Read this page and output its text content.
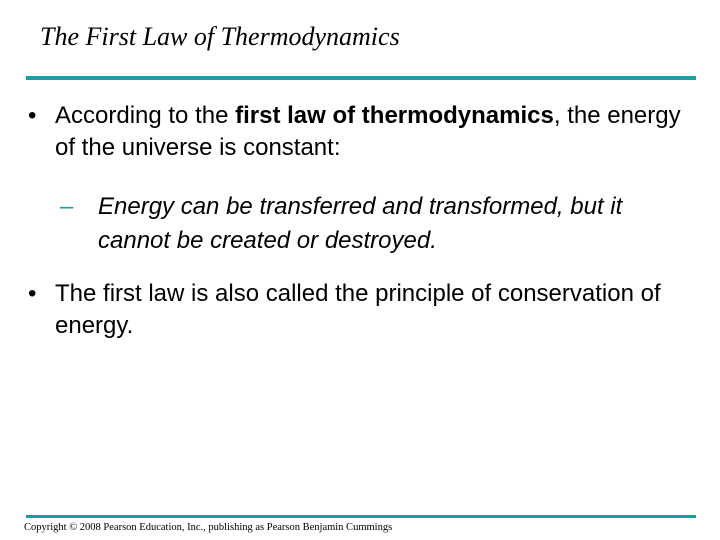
The First Law of Thermodynamics
• According to the first law of thermodynamics, the energy of the universe is constant:
– Energy can be transferred and transformed, but it cannot be created or destroyed.
• The first law is also called the principle of conservation of energy.
Copyright © 2008 Pearson Education, Inc., publishing as Pearson Benjamin Cummings
